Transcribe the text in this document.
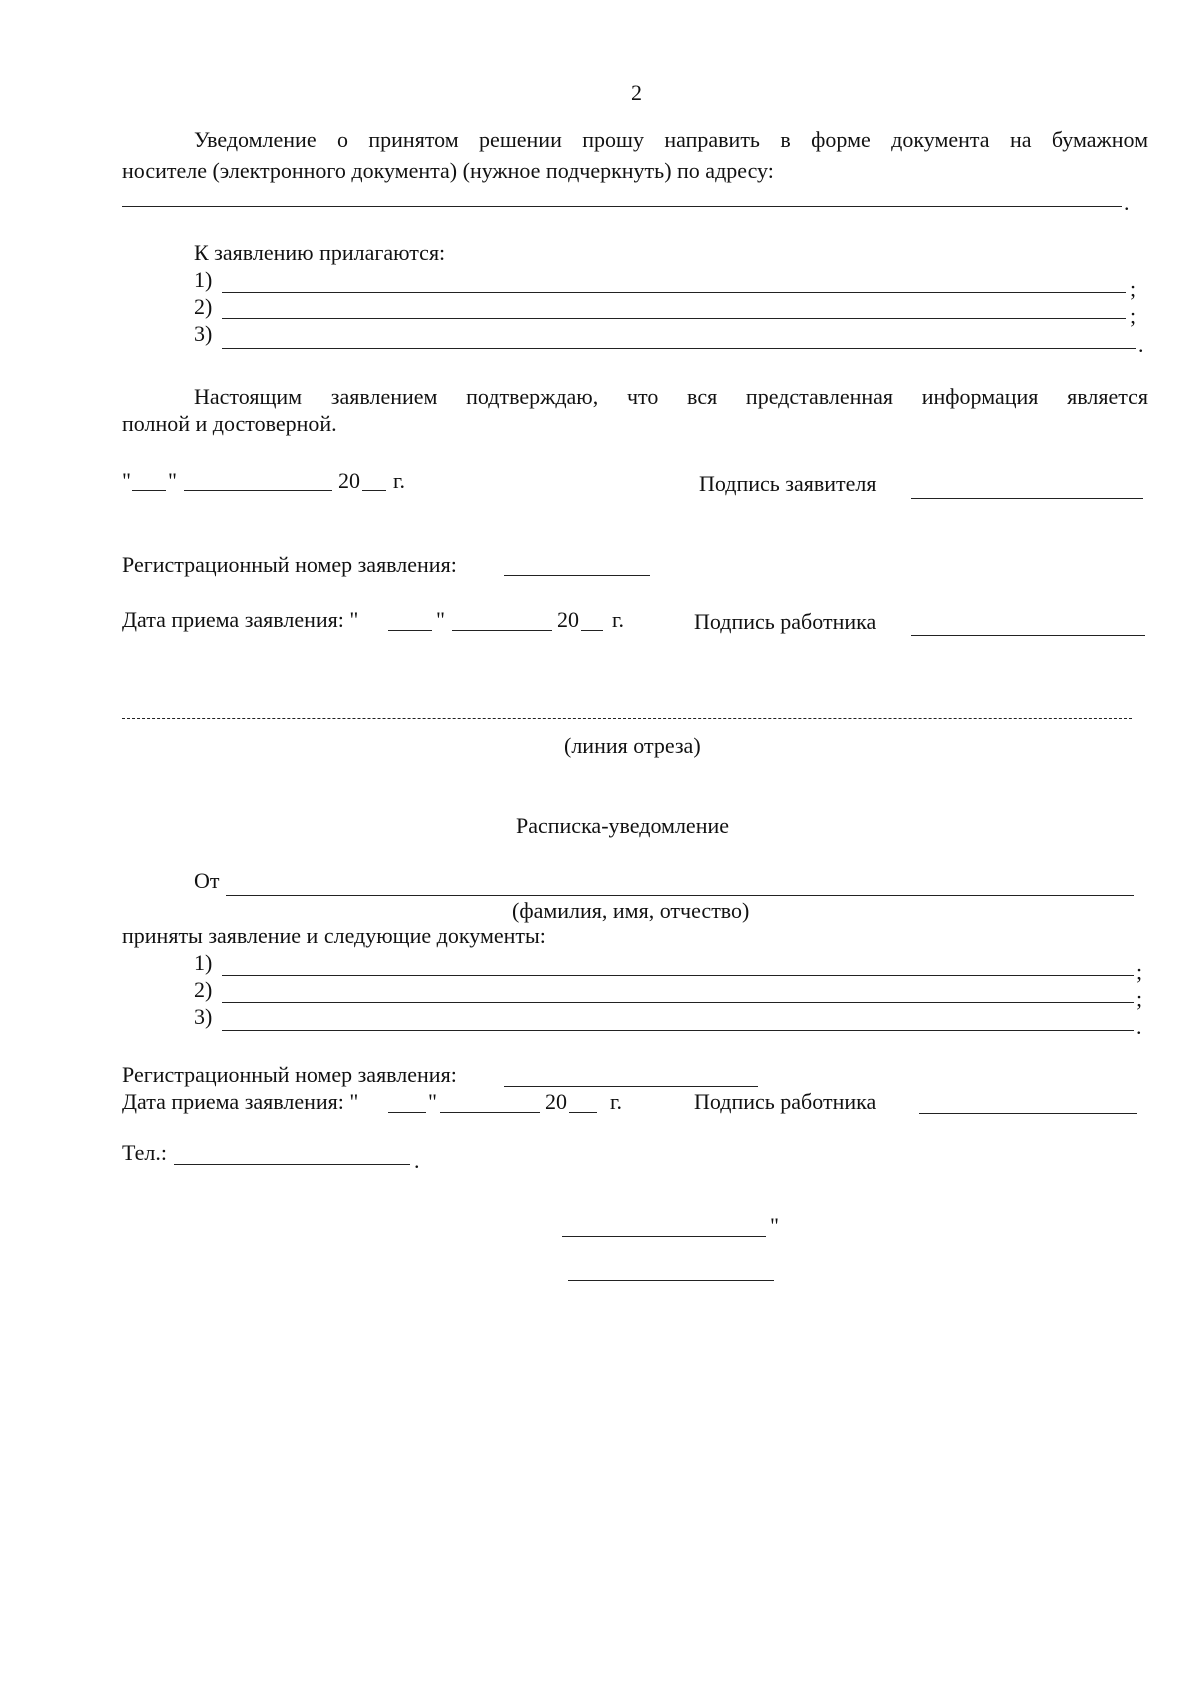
2
Уведомление о принятом решении прошу направить в форме документа на бумажном
носителе (электронного документа) (нужное подчеркнуть) по адресу:
.
К заявлению прилагаются:
1)	;
2)	;
3)	.
Настоящим заявлением подтверждаю, что вся представленная информация является
полной и достоверной.
" "	20 г.	Подпись заявителя
Регистрационный номер заявления:
Дата приема заявления: "	"	20 г.	Подпись работника
(линия отреза)
Расписка-уведомление
От
(фамилия, имя, отчество)
приняты заявление и следующие документы:
1)	;
2)	;
3)	.
Регистрационный номер заявления:
Дата приема заявления: "	"	20 г.	Подпись работника
Тел.:	.
"
